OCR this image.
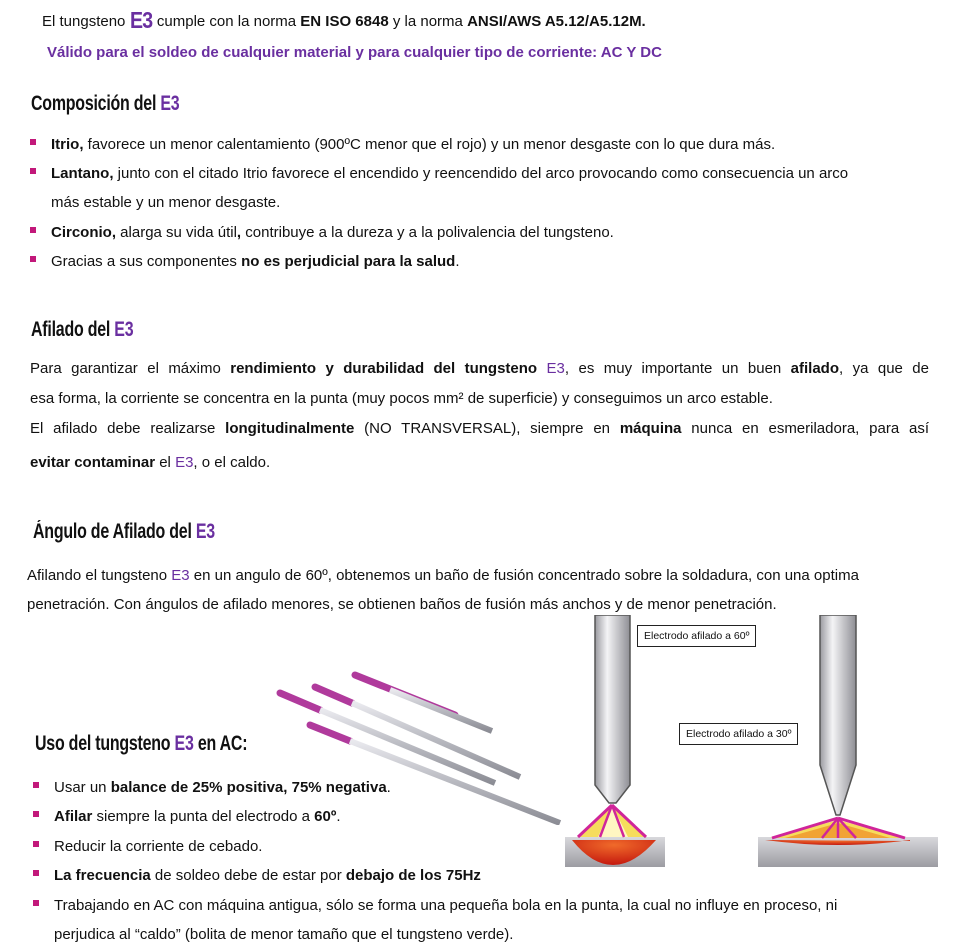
El tungsteno E3 cumple con la norma EN ISO 6848 y la norma ANSI/AWS A5.12/A5.12M.

Válido para el soldeo de cualquier material y para cualquier tipo de corriente: AC Y DC

Composición del E3

Itrio, favorece un menor calentamiento (900ºC menor que el rojo) y un menor desgaste con lo que dura más.

Lantano, junto con el citado Itrio favorece el encendido y reencendido del arco provocando como consecuencia un arco

más estable y un menor desgaste.

Circonio, alarga su vida útil, contribuye a la dureza y a la polivalencia del tungsteno.

Gracias a sus componentes no es perjudicial para la salud.

Afilado del E3

Para garantizar el máximo rendimiento y durabilidad del tungsteno E3, es muy importante un buen afilado, ya que de

esa forma, la corriente se concentra en la punta (muy pocos mm² de superficie) y conseguimos un arco estable.

El afilado debe realizarse longitudinalmente (NO TRANSVERSAL), siempre en máquina nunca en esmeriladora, para así

evitar contaminar el E3, o el caldo.

Ángulo de Afilado del E3

Afilando el tungsteno E3 en un angulo de 60º, obtenemos un baño de fusión concentrado sobre la soldadura, con una optima

penetración. Con ángulos de afilado menores, se obtienen baños de fusión más anchos y de menor penetración.

Electrodo afilado a 60º
Electrodo afilado a 30º
Uso del tungsteno E3 en AC:

Usar un balance de 25% positiva, 75% negativa.

Afilar siempre la punta del electrodo a 60º.

Reducir la corriente de cebado.

La frecuencia de soldeo debe de estar por debajo de los 75Hz

Trabajando en AC con máquina antigua, sólo se forma una pequeña bola en la punta, la cual no influye en proceso, ni

perjudica al “caldo” (bolita de menor tamaño que el tungsteno verde).
